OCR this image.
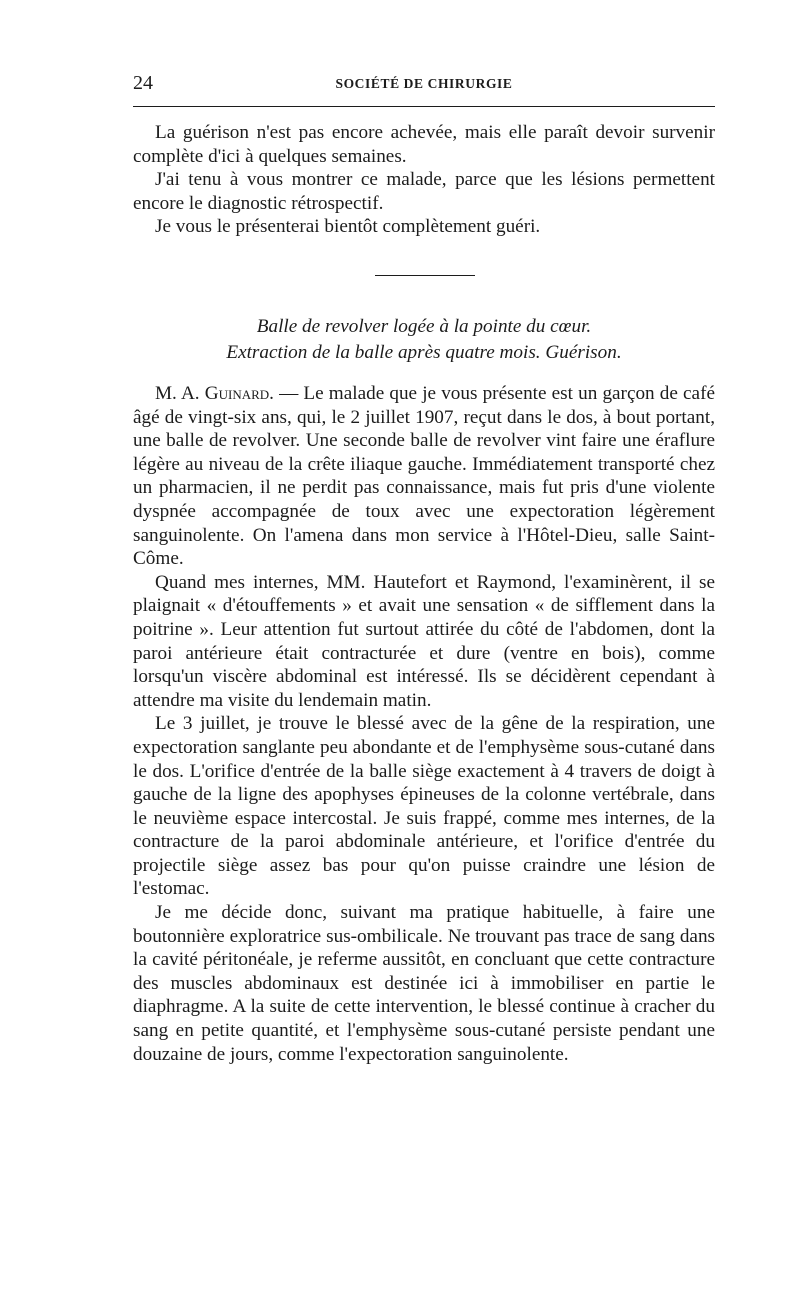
24	SOCIÉTÉ DE CHIRURGIE

La guérison n'est pas encore achevée, mais elle paraît devoir survenir complète d'ici à quelques semaines.

J'ai tenu à vous montrer ce malade, parce que les lésions permettent encore le diagnostic rétrospectif.

Je vous le présenterai bientôt complètement guéri.

Balle de revolver logée à la pointe du cœur.
Extraction de la balle après quatre mois. Guérison.

M. A. Guinard. — Le malade que je vous présente est un garçon de café âgé de vingt-six ans, qui, le 2 juillet 1907, reçut dans le dos, à bout portant, une balle de revolver. Une seconde balle de revolver vint faire une éraflure légère au niveau de la crête iliaque gauche. Immédiatement transporté chez un pharmacien, il ne perdit pas connaissance, mais fut pris d'une violente dyspnée accompagnée de toux avec une expectoration légèrement sanguinolente. On l'amena dans mon service à l'Hôtel-Dieu, salle Saint-Côme.

Quand mes internes, MM. Hautefort et Raymond, l'examinèrent, il se plaignait « d'étouffements » et avait une sensation « de sifflement dans la poitrine ». Leur attention fut surtout attirée du côté de l'abdomen, dont la paroi antérieure était contracturée et dure (ventre en bois), comme lorsqu'un viscère abdominal est intéressé. Ils se décidèrent cependant à attendre ma visite du lendemain matin.

Le 3 juillet, je trouve le blessé avec de la gêne de la respiration, une expectoration sanglante peu abondante et de l'emphysème sous-cutané dans le dos. L'orifice d'entrée de la balle siège exactement à 4 travers de doigt à gauche de la ligne des apophyses épineuses de la colonne vertébrale, dans le neuvième espace intercostal. Je suis frappé, comme mes internes, de la contracture de la paroi abdominale antérieure, et l'orifice d'entrée du projectile siège assez bas pour qu'on puisse craindre une lésion de l'estomac.

Je me décide donc, suivant ma pratique habituelle, à faire une boutonnière exploratrice sus-ombilicale. Ne trouvant pas trace de sang dans la cavité péritonéale, je referme aussitôt, en concluant que cette contracture des muscles abdominaux est destinée ici à immobiliser en partie le diaphragme. A la suite de cette intervention, le blessé continue à cracher du sang en petite quantité, et l'emphysème sous-cutané persiste pendant une douzaine de jours, comme l'expectoration sanguinolente.
